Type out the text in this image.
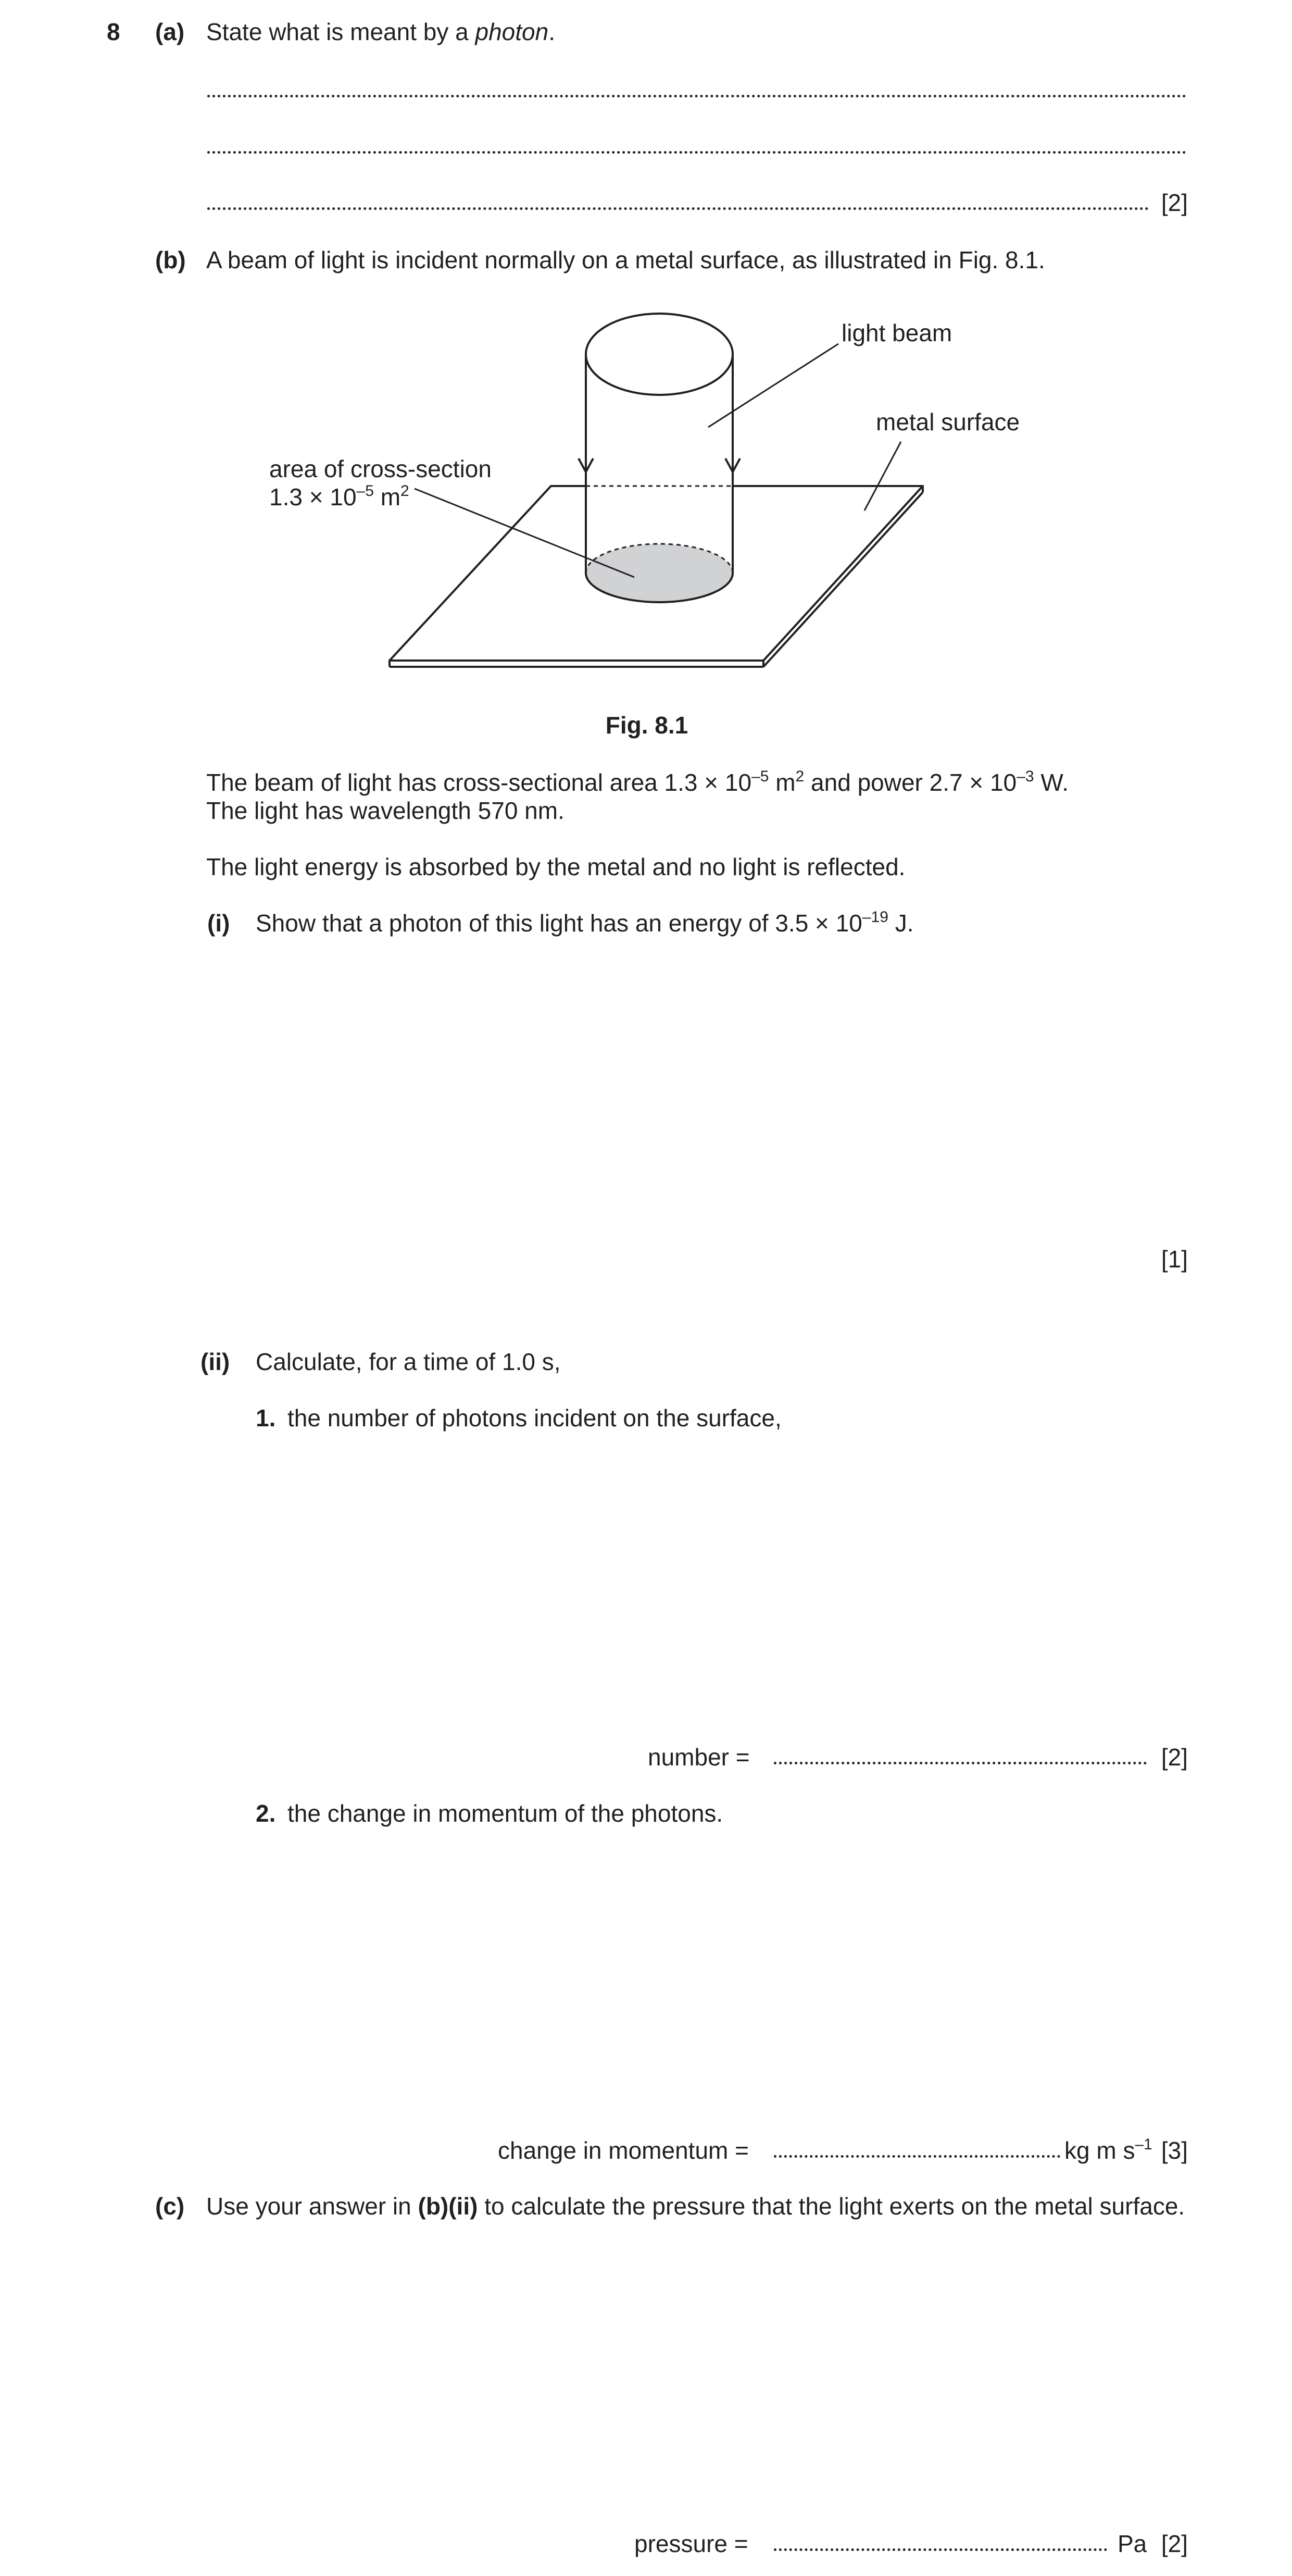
8 (a) State what is meant by a photon.
[2]
(b) A beam of light is incident normally on a metal surface, as illustrated in Fig. 8.1.
light beam
metal surface
area of cross-section
$1.3 \times 10^{-5}$ $m^2$
Fig. 8.1
The beam of light has cross-sectional area $1.3 \times 10^{-5}$ $m^2$ and power $2.7 \times 10^{-3}$ W.
The light has wavelength 570 nm.
The light energy is absorbed by the metal and no light is reflected.
(i) Show that a photon of this light has an energy of $3.5 \times 10^{-19}$ J.
[1]
(ii) Calculate, for a time of 1.0 s,
1. the number of photons incident on the surface,
number =	[2]
2. the change in momentum of the photons.
change in momentum =	kg m $s^{-1}$ [3]
(c) Use your answer in (b)(ii) to calculate the pressure that the light exerts on the metal surface.
pressure =	Pa [2]
